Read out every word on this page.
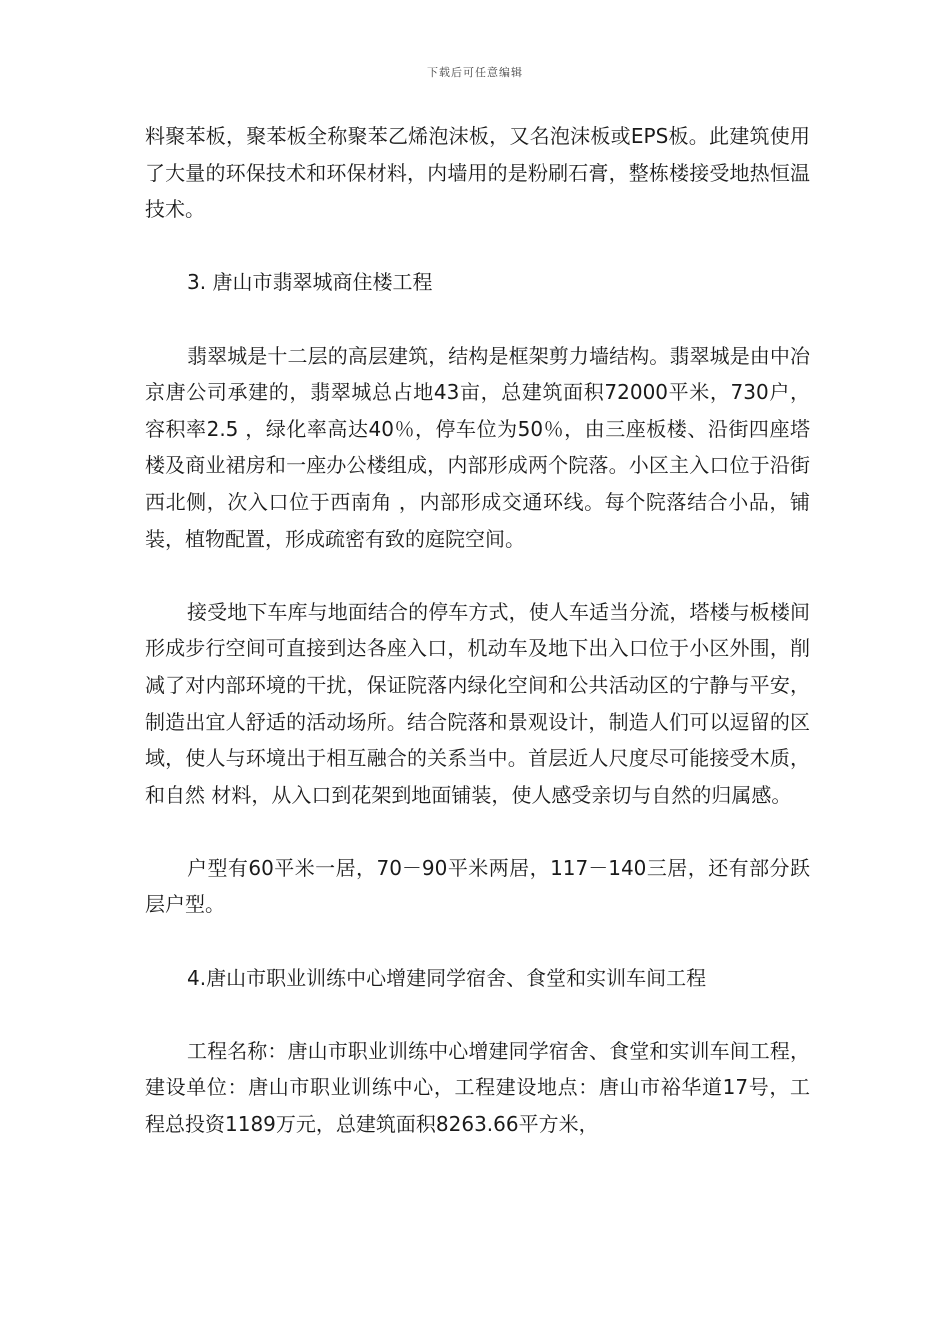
下载后可任意编辑

料聚苯板，聚苯板全称聚苯乙烯泡沫板，又名泡沫板或EPS板。此建筑使用了大量的环保技术和环保材料，内墙用的是粉刷石膏，整栋楼接受地热恒温技术。

3. 唐山市翡翠城商住楼工程

翡翠城是十二层的高层建筑，结构是框架剪力墙结构。翡翠城是由中冶京唐公司承建的，翡翠城总占地43亩，总建筑面积72000平米，730户，容积率2.5 ，绿化率高达40％，停车位为50％，由三座板楼、沿街四座塔楼及商业裙房和一座办公楼组成，内部形成两个院落。小区主入口位于沿街西北侧，次入口位于西南角 ，内部形成交通环线。每个院落结合小品，铺装，植物配置，形成疏密有致的庭院空间。

接受地下车库与地面结合的停车方式，使人车适当分流，塔楼与板楼间形成步行空间可直接到达各座入口，机动车及地下出入口位于小区外围，削减了对内部环境的干扰，保证院落内绿化空间和公共活动区的宁静与平安，制造出宜人舒适的活动场所。结合院落和景观设计，制造人们可以逗留的区域，使人与环境出于相互融合的关系当中。首层近人尺度尽可能接受木质，和自然 材料，从入口到花架到地面铺装，使人感受亲切与自然的归属感。

户型有60平米一居，70－90平米两居，117－140三居，还有部分跃层户型。

4.唐山市职业训练中心增建同学宿舍、食堂和实训车间工程

工程名称：唐山市职业训练中心增建同学宿舍、食堂和实训车间工程，建设单位：唐山市职业训练中心，工程建设地点：唐山市裕华道17号，工程总投资1189万元，总建筑面积8263.66平方米，
